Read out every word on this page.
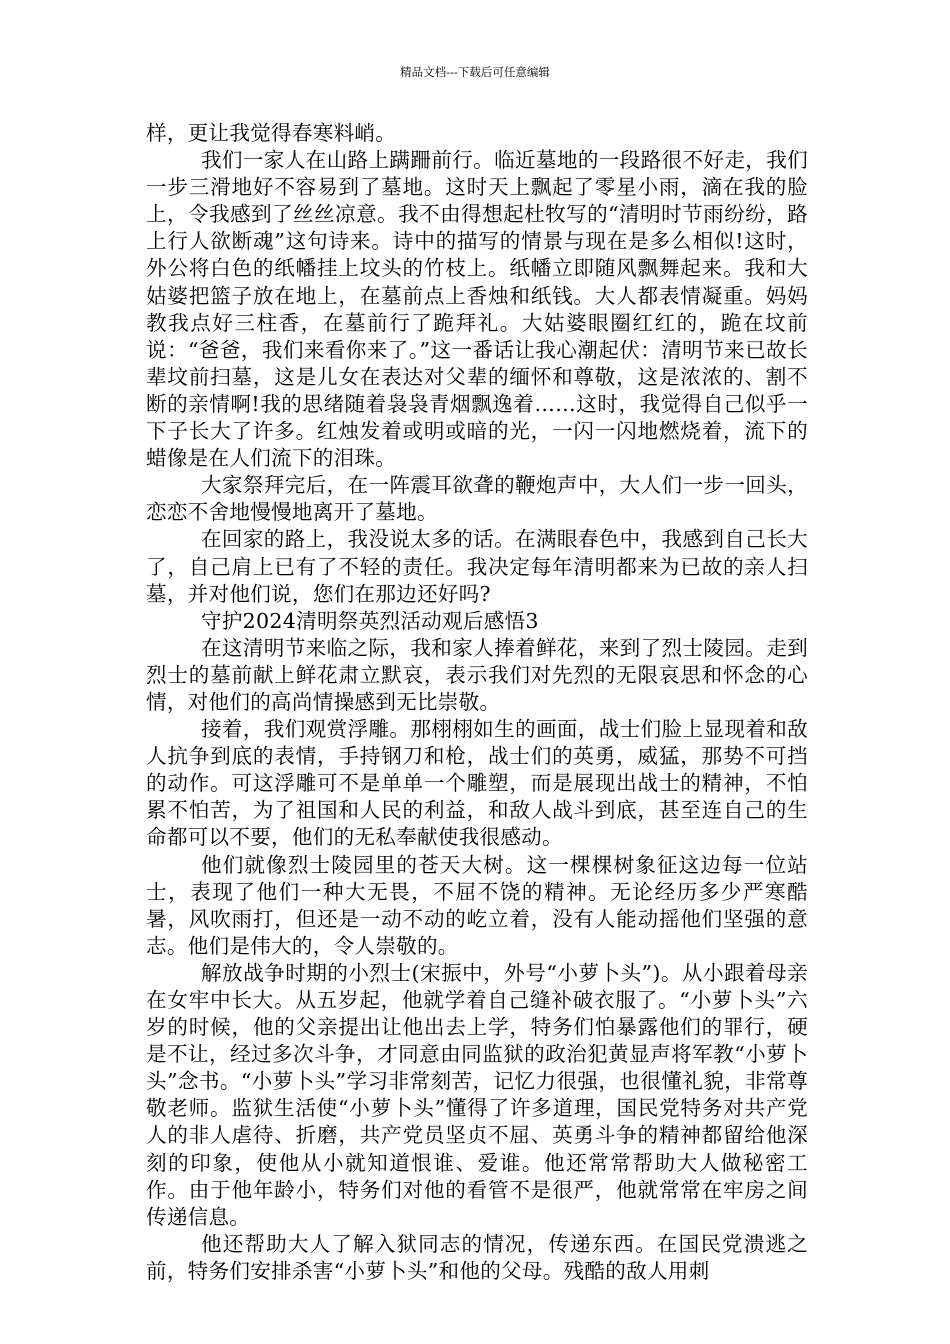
精品文档---下载后可任意编辑

样，更让我觉得春寒料峭。

我们一家人在山路上蹒跚前行。临近墓地的一段路很不好走，我们一步三滑地好不容易到了墓地。这时天上飘起了零星小雨，滴在我的脸上，令我感到了丝丝凉意。我不由得想起杜牧写的“清明时节雨纷纷，路上行人欲断魂”这句诗来。诗中的描写的情景与现在是多么相似!这时，外公将白色的纸幡挂上坟头的竹枝上。纸幡立即随风飘舞起来。我和大姑婆把篮子放在地上，在墓前点上香烛和纸钱。大人都表情凝重。妈妈教我点好三柱香，在墓前行了跪拜礼。大姑婆眼圈红红的，跪在坟前说：“爸爸，我们来看你来了。”这一番话让我心潮起伏：清明节来已故长辈坟前扫墓，这是儿女在表达对父辈的缅怀和尊敬，这是浓浓的、割不断的亲情啊!我的思绪随着袅袅青烟飘逸着……这时，我觉得自己似乎一下子长大了许多。红烛发着或明或暗的光，一闪一闪地燃烧着，流下的蜡像是在人们流下的泪珠。

大家祭拜完后，在一阵震耳欲聋的鞭炮声中，大人们一步一回头，恋恋不舍地慢慢地离开了墓地。

在回家的路上，我没说太多的话。在满眼春色中，我感到自己长大了，自己肩上已有了不轻的责任。我决定每年清明都来为已故的亲人扫墓，并对他们说，您们在那边还好吗?

守护2024清明祭英烈活动观后感悟3

在这清明节来临之际，我和家人捧着鲜花，来到了烈士陵园。走到烈士的墓前献上鲜花肃立默哀，表示我们对先烈的无限哀思和怀念的心情，对他们的高尚情操感到无比崇敬。

接着，我们观赏浮雕。那栩栩如生的画面，战士们脸上显现着和敌人抗争到底的表情，手持钢刀和枪，战士们的英勇，威猛，那势不可挡的动作。可这浮雕可不是单单一个雕塑，而是展现出战士的精神，不怕累不怕苦，为了祖国和人民的利益，和敌人战斗到底，甚至连自己的生命都可以不要，他们的无私奉献使我很感动。

他们就像烈士陵园里的苍天大树。这一棵棵树象征这边每一位站士，表现了他们一种大无畏，不屈不饶的精神。无论经历多少严寒酷暑，风吹雨打，但还是一动不动的屹立着，没有人能动摇他们坚强的意志。他们是伟大的，令人崇敬的。

解放战争时期的小烈士(宋振中，外号“小萝卜头”)。从小跟着母亲在女牢中长大。从五岁起，他就学着自己缝补破衣服了。“小萝卜头”六岁的时候，他的父亲提出让他出去上学，特务们怕暴露他们的罪行，硬是不让，经过多次斗争，才同意由同监狱的政治犯黄显声将军教“小萝卜头”念书。“小萝卜头”学习非常刻苦，记忆力很强，也很懂礼貌，非常尊敬老师。监狱生活使“小萝卜头”懂得了许多道理，国民党特务对共产党人的非人虐待、折磨，共产党员坚贞不屈、英勇斗争的精神都留给他深刻的印象，使他从小就知道恨谁、爱谁。他还常常帮助大人做秘密工作。由于他年龄小，特务们对他的看管不是很严，他就常常在牢房之间传递信息。

他还帮助大人了解入狱同志的情况，传递东西。在国民党溃逃之前，特务们安排杀害“小萝卜头”和他的父母。残酷的敌人用刺
